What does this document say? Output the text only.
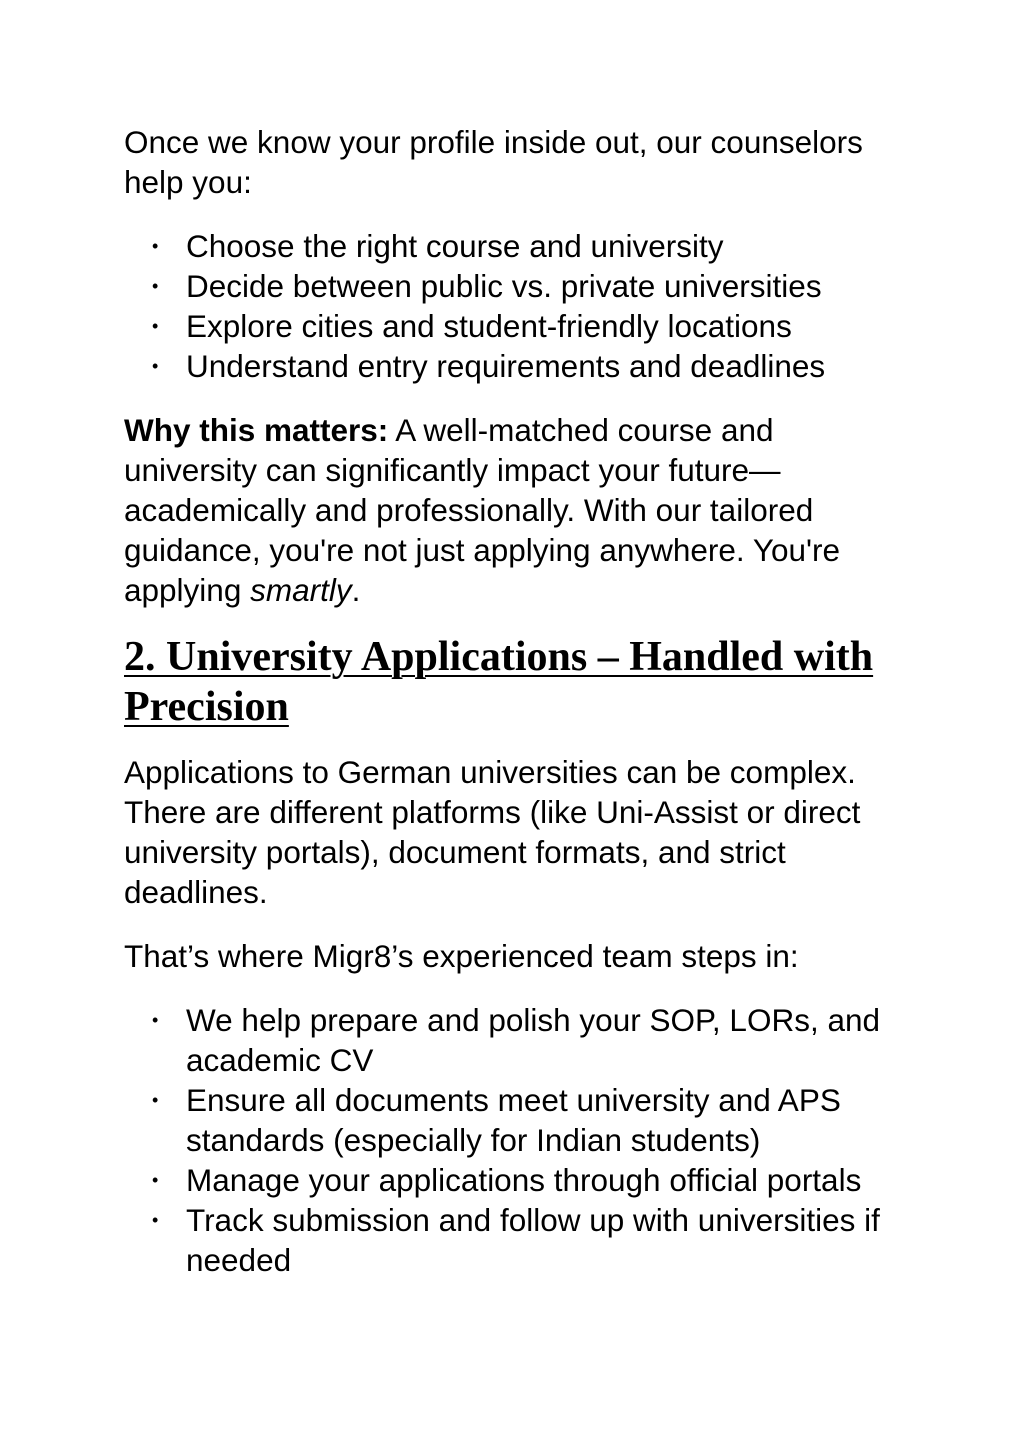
Once we know your profile inside out, our counselors help you:

• Choose the right course and university
• Decide between public vs. private universities
• Explore cities and student-friendly locations
• Understand entry requirements and deadlines

Why this matters: A well-matched course and university can significantly impact your future—academically and professionally. With our tailored guidance, you're not just applying anywhere. You're applying smartly.

2. University Applications – Handled with Precision

Applications to German universities can be complex. There are different platforms (like Uni-Assist or direct university portals), document formats, and strict deadlines.

That’s where Migr8’s experienced team steps in:

• We help prepare and polish your SOP, LORs, and academic CV
• Ensure all documents meet university and APS standards (especially for Indian students)
• Manage your applications through official portals
• Track submission and follow up with universities if needed
